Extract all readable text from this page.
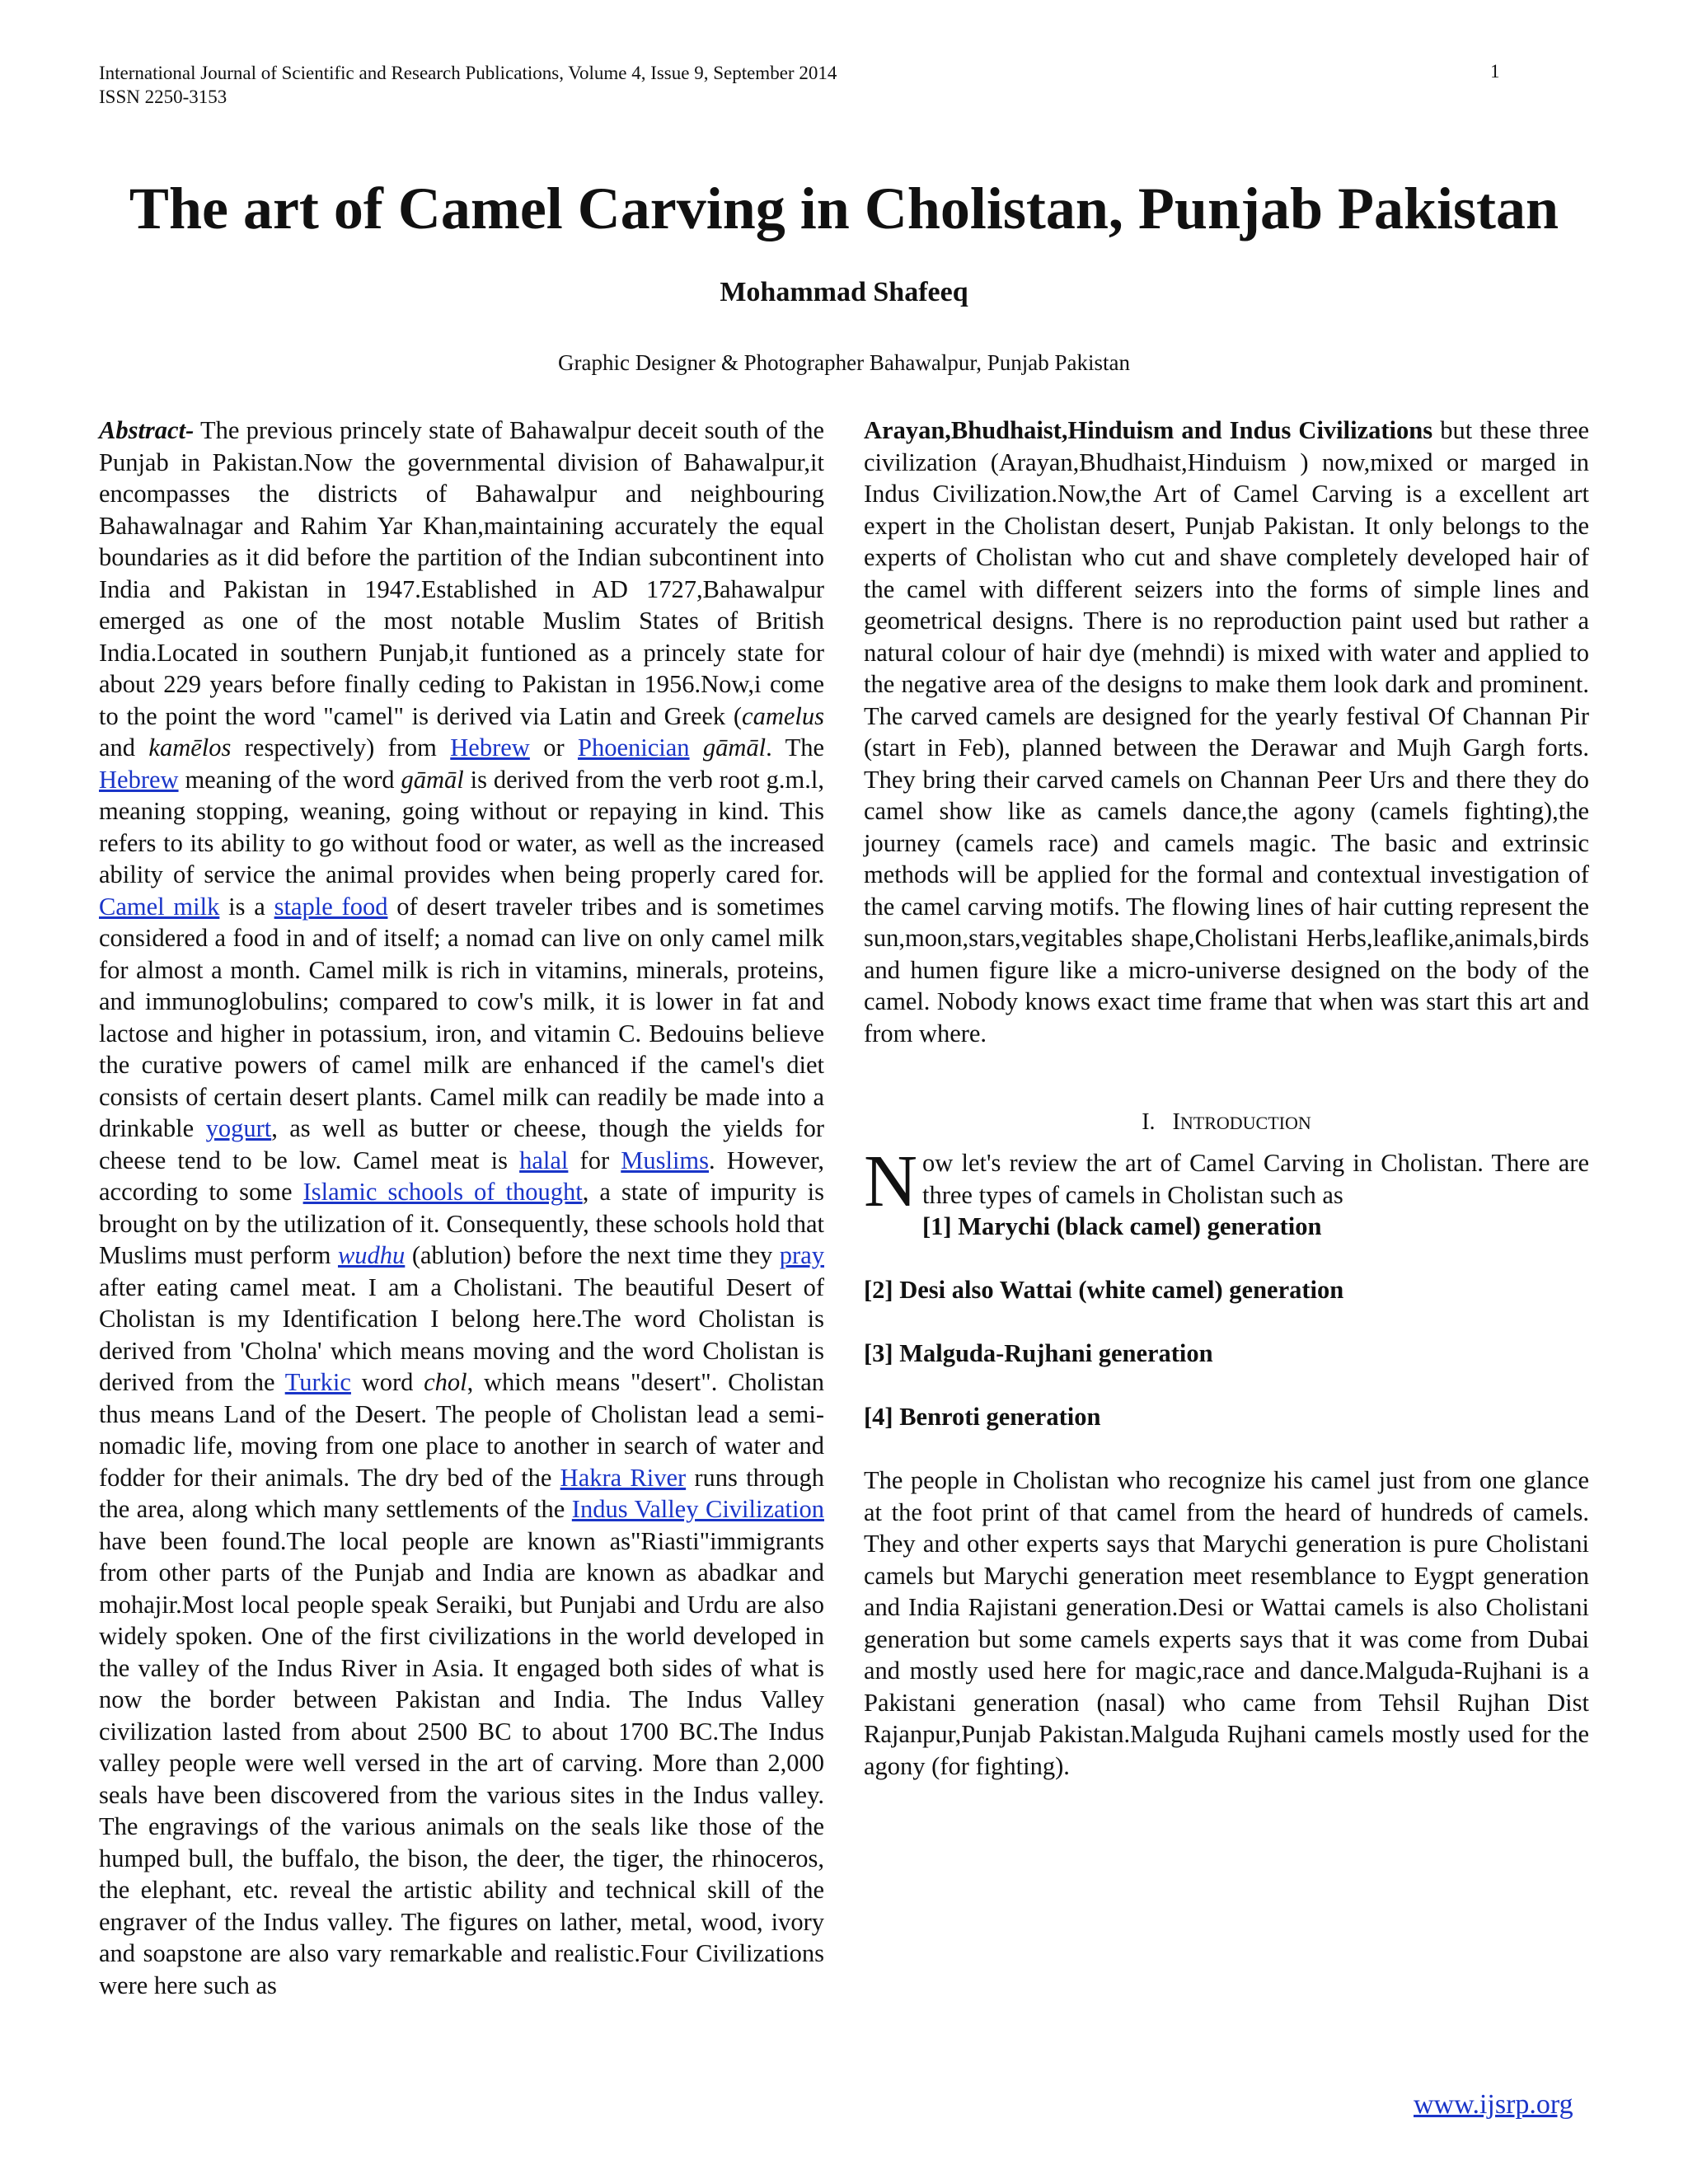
International Journal of Scientific and Research Publications, Volume 4, Issue 9, September 2014
ISSN 2250-3153
1
The art of Camel Carving in Cholistan, Punjab Pakistan
Mohammad Shafeeq
Graphic Designer & Photographer Bahawalpur, Punjab Pakistan

Abstract- The previous princely state of Bahawalpur deceit south of the Punjab in Pakistan.Now the governmental division of Bahawalpur,it encompasses the districts of Bahawalpur and neighbouring Bahawalnagar and Rahim Yar Khan,maintaining accurately the equal boundaries as it did before the partition of the Indian subcontinent into India and Pakistan in 1947.Established in AD 1727,Bahawalpur emerged as one of the most notable Muslim States of British India.Located in southern Punjab,it funtioned as a princely state for about 229 years before finally ceding to Pakistan in 1956.Now,i come to the point the word "camel" is derived via Latin and Greek (camelus and kamēlos respectively) from Hebrew or Phoenician gāmāl. The Hebrew meaning of the word gāmāl is derived from the verb root g.m.l, meaning stopping, weaning, going without or repaying in kind. This refers to its ability to go without food or water, as well as the increased ability of service the animal provides when being properly cared for. Camel milk is a staple food of desert traveler tribes and is sometimes considered a food in and of itself; a nomad can live on only camel milk for almost a month. Camel milk is rich in vitamins, minerals, proteins, and immunoglobulins; compared to cow's milk, it is lower in fat and lactose and higher in potassium, iron, and vitamin C. Bedouins believe the curative powers of camel milk are enhanced if the camel's diet consists of certain desert plants. Camel milk can readily be made into a drinkable yogurt, as well as butter or cheese, though the yields for cheese tend to be low. Camel meat is halal for Muslims. However, according to some Islamic schools of thought, a state of impurity is brought on by the utilization of it. Consequently, these schools hold that Muslims must perform wudhu (ablution) before the next time they pray after eating camel meat. I am a Cholistani. The beautiful Desert of Cholistan is my Identification I belong here.The word Cholistan is derived from 'Cholna' which means moving and the word Cholistan is derived from the Turkic word chol, which means "desert". Cholistan thus means Land of the Desert. The people of Cholistan lead a semi-nomadic life, moving from one place to another in search of water and fodder for their animals. The dry bed of the Hakra River runs through the area, along which many settlements of the Indus Valley Civilization have been found.The local people are known as"Riasti"immigrants from other parts of the Punjab and India are known as abadkar and mohajir.Most local people speak Seraiki, but Punjabi and Urdu are also widely spoken. One of the first civilizations in the world developed in the valley of the Indus River in Asia. It engaged both sides of what is now the border between Pakistan and India. The Indus Valley civilization lasted from about 2500 BC to about 1700 BC.The Indus valley people were well versed in the art of carving. More than 2,000 seals have been discovered from the various sites in the Indus valley. The engravings of the various animals on the seals like those of the humped bull, the buffalo, the bison, the deer, the tiger, the rhinoceros, the elephant, etc. reveal the artistic ability and technical skill of the engraver of the Indus valley. The figures on lather, metal, wood, ivory and soapstone are also vary remarkable and realistic.Four Civilizations were here such as

Arayan,Bhudhaist,Hinduism and Indus Civilizations but these three civilization (Arayan,Bhudhaist,Hinduism ) now,mixed or marged in Indus Civilization.Now,the Art of Camel Carving is a excellent art expert in the Cholistan desert, Punjab Pakistan. It only belongs to the experts of Cholistan who cut and shave completely developed hair of the camel with different seizers into the forms of simple lines and geometrical designs. There is no reproduction paint used but rather a natural colour of hair dye (mehndi) is mixed with water and applied to the negative area of the designs to make them look dark and prominent. The carved camels are designed for the yearly festival Of Channan Pir (start in Feb), planned between the Derawar and Mujh Gargh forts. They bring their carved camels on Channan Peer Urs and there they do camel show like as camels dance,the agony (camels fighting),the journey (camels race) and camels magic. The basic and extrinsic methods will be applied for the formal and contextual investigation of the camel carving motifs. The flowing lines of hair cutting represent the sun,moon,stars,vegitables shape,Cholistani Herbs,leaflike,animals,birds and humen figure like a micro-universe designed on the body of the camel. Nobody knows exact time frame that when was start this art and from where.

I. INTRODUCTION

Now let's review the art of Camel Carving in Cholistan. There are three types of camels in Cholistan such as

[1] Marychi (black camel) generation

[2] Desi also Wattai (white camel) generation

[3] Malguda-Rujhani generation

[4] Benroti generation

The people in Cholistan who recognize his camel just from one glance at the foot print of that camel from the heard of hundreds of camels. They and other experts says that Marychi generation is pure Cholistani camels but Marychi generation meet resemblance to Eygpt generation and India Rajistani generation.Desi or Wattai camels is also Cholistani generation but some camels experts says that it was come from Dubai and mostly used here for magic,race and dance.Malguda-Rujhani is a Pakistani generation (nasal) who came from Tehsil Rujhan Dist Rajanpur,Punjab Pakistan.Malguda Rujhani camels mostly used for the agony (for fighting).

www.ijsrp.org
